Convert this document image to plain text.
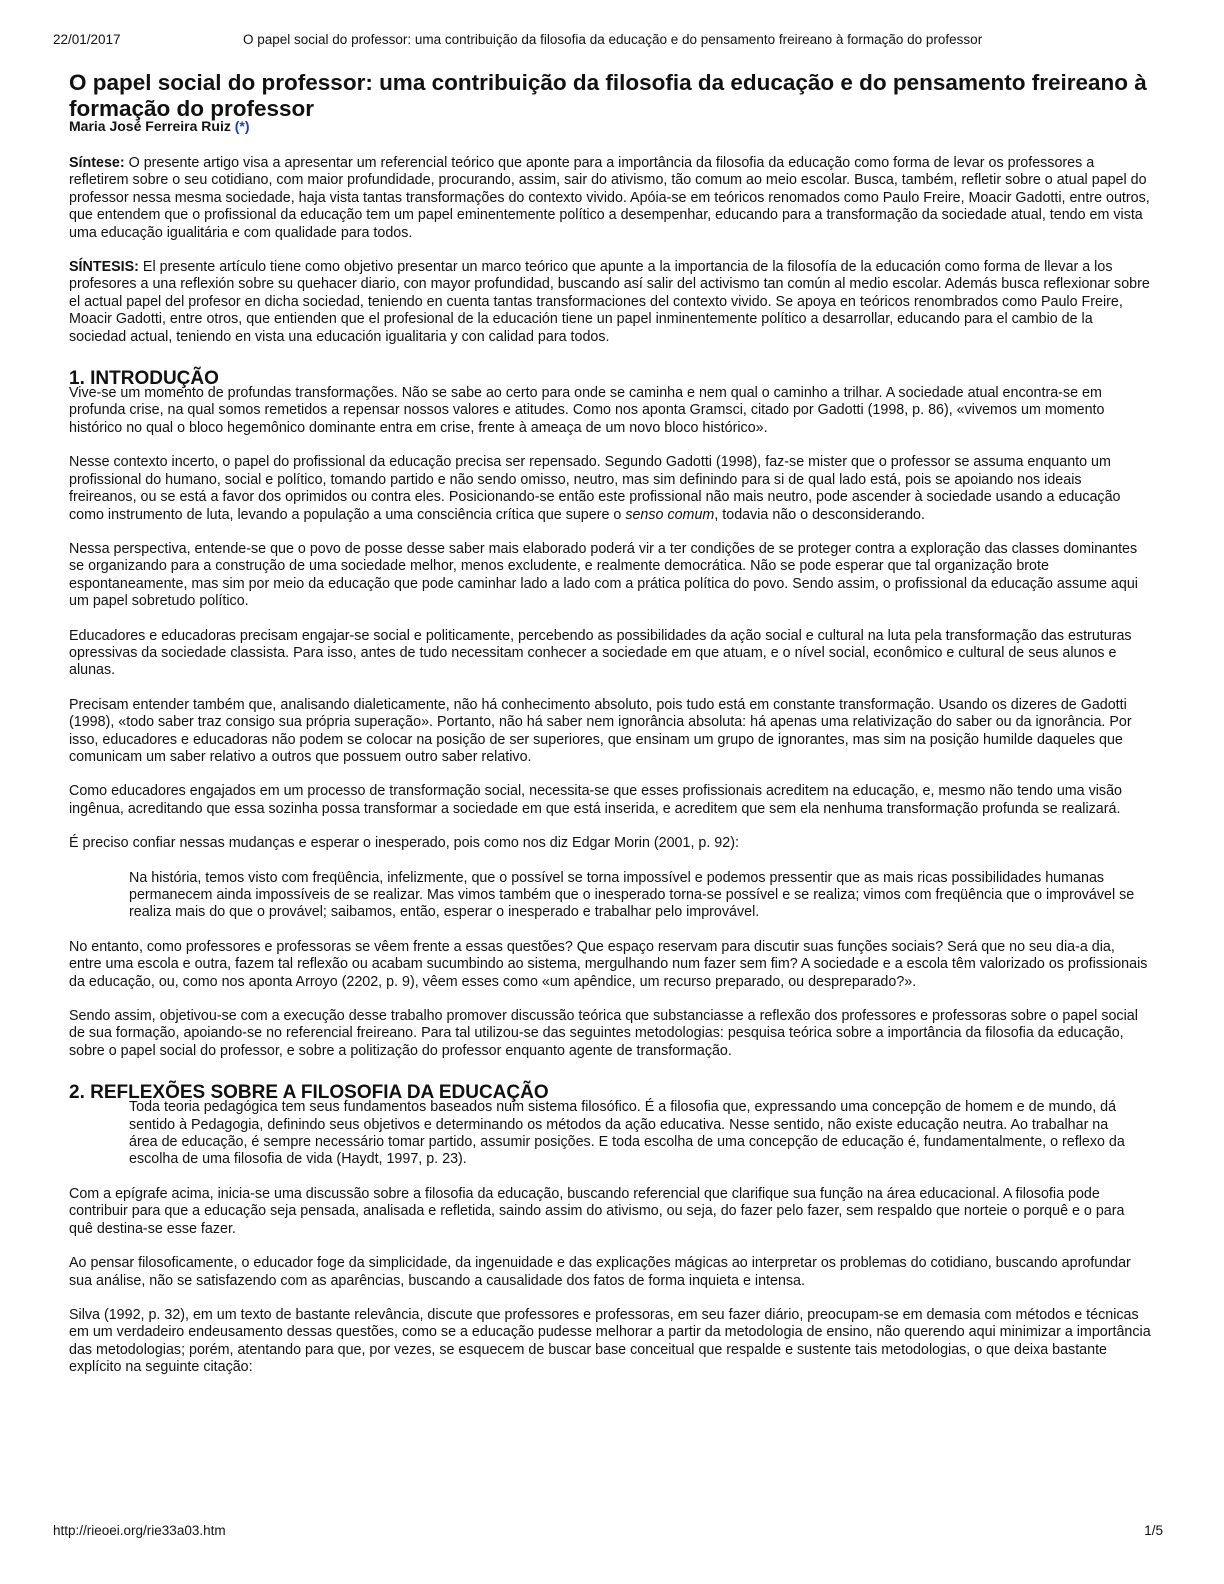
22/01/2017	O papel social do professor: uma contribuição da filosofia da educação e do pensamento freireano à formação do professor
O papel social do professor: uma contribuição da filosofia da educação e do pensamento freireano à formação do professor
Maria José Ferreira Ruiz (*)

Síntese: O presente artigo visa a apresentar um referencial teórico que aponte para a importância da filosofia da educação como forma de levar os professores a refletirem sobre o seu cotidiano, com maior profundidade, procurando, assim, sair do ativismo, tão comum ao meio escolar. Busca, também, refletir sobre o atual papel do professor nessa mesma sociedade, haja vista tantas transformações do contexto vivido. Apóia-se em teóricos renomados como Paulo Freire, Moacir Gadotti, entre outros, que entendem que o profissional da educação tem um papel eminentemente político a desempenhar, educando para a transformação da sociedade atual, tendo em vista uma educação igualitária e com qualidade para todos.

SÍNTESIS: El presente artículo tiene como objetivo presentar un marco teórico que apunte a la importancia de la filosofía de la educación como forma de llevar a los profesores a una reflexión sobre su quehacer diario, con mayor profundidad, buscando así salir del activismo tan común al medio escolar. Además busca reflexionar sobre el actual papel del profesor en dicha sociedad, teniendo en cuenta tantas transformaciones del contexto vivido. Se apoya en teóricos renombrados como Paulo Freire, Moacir Gadotti, entre otros, que entienden que el profesional de la educación tiene un papel inminentemente político a desarrollar, educando para el cambio de la sociedad actual, teniendo en vista una educación igualitaria y con calidad para todos.

1. INTRODUÇÃO

Vive-se um momento de profundas transformações. Não se sabe ao certo para onde se caminha e nem qual o caminho a trilhar. A sociedade atual encontra-se em profunda crise, na qual somos remetidos a repensar nossos valores e atitudes. Como nos aponta Gramsci, citado por Gadotti (1998, p. 86), «vivemos um momento histórico no qual o bloco hegemônico dominante entra em crise, frente à ameaça de um novo bloco histórico».

Nesse contexto incerto, o papel do profissional da educação precisa ser repensado. Segundo Gadotti (1998), faz-se mister que o professor se assuma enquanto um profissional do humano, social e político, tomando partido e não sendo omisso, neutro, mas sim definindo para si de qual lado está, pois se apoiando nos ideais freireanos, ou se está a favor dos oprimidos ou contra eles. Posicionando-se então este profissional não mais neutro, pode ascender à sociedade usando a educação como instrumento de luta, levando a população a uma consciência crítica que supere o senso comum, todavia não o desconsiderando.

Nessa perspectiva, entende-se que o povo de posse desse saber mais elaborado poderá vir a ter condições de se proteger contra a exploração das classes dominantes se organizando para a construção de uma sociedade melhor, menos excludente, e realmente democrática. Não se pode esperar que tal organização brote espontaneamente, mas sim por meio da educação que pode caminhar lado a lado com a prática política do povo. Sendo assim, o profissional da educação assume aqui um papel sobretudo político.

Educadores e educadoras precisam engajar-se social e politicamente, percebendo as possibilidades da ação social e cultural na luta pela transformação das estruturas opressivas da sociedade classista. Para isso, antes de tudo necessitam conhecer a sociedade em que atuam, e o nível social, econômico e cultural de seus alunos e alunas.

Precisam entender também que, analisando dialeticamente, não há conhecimento absoluto, pois tudo está em constante transformação. Usando os dizeres de Gadotti (1998), «todo saber traz consigo sua própria superação». Portanto, não há saber nem ignorância absoluta: há apenas uma relativização do saber ou da ignorância. Por isso, educadores e educadoras não podem se colocar na posição de ser superiores, que ensinam um grupo de ignorantes, mas sim na posição humilde daqueles que comunicam um saber relativo a outros que possuem outro saber relativo.

Como educadores engajados em um processo de transformação social, necessita-se que esses profissionais acreditem na educação, e, mesmo não tendo uma visão ingênua, acreditando que essa sozinha possa transformar a sociedade em que está inserida, e acreditem que sem ela nenhuma transformação profunda se realizará.

É preciso confiar nessas mudanças e esperar o inesperado, pois como nos diz Edgar Morin (2001, p. 92):

Na história, temos visto com freqüência, infelizmente, que o possível se torna impossível e podemos pressentir que as mais ricas possibilidades humanas permanecem ainda impossíveis de se realizar. Mas vimos também que o inesperado torna-se possível e se realiza; vimos com freqüência que o improvável se realiza mais do que o provável; saibamos, então, esperar o inesperado e trabalhar pelo improvável.

No entanto, como professores e professoras se vêem frente a essas questões? Que espaço reservam para discutir suas funções sociais? Será que no seu dia-a dia, entre uma escola e outra, fazem tal reflexão ou acabam sucumbindo ao sistema, mergulhando num fazer sem fim? A sociedade e a escola têm valorizado os profissionais da educação, ou, como nos aponta Arroyo (2202, p. 9), vêem esses como «um apêndice, um recurso preparado, ou despreparado?».

Sendo assim, objetivou-se com a execução desse trabalho promover discussão teórica que substanciasse a reflexão dos professores e professoras sobre o papel social de sua formação, apoiando-se no referencial freireano. Para tal utilizou-se das seguintes metodologias: pesquisa teórica sobre a importância da filosofia da educação, sobre o papel social do professor, e sobre a politização do professor enquanto agente de transformação.

2. REFLEXÕES SOBRE A FILOSOFIA DA EDUCAÇÃO
Toda teoria pedagógica tem seus fundamentos baseados num sistema filosófico. É a filosofia que, expressando uma concepção de homem e de mundo, dá sentido à Pedagogia, definindo seus objetivos e determinando os métodos da ação educativa. Nesse sentido, não existe educação neutra. Ao trabalhar na área de educação, é sempre necessário tomar partido, assumir posições. E toda escolha de uma concepção de educação é, fundamentalmente, o reflexo da escolha de uma filosofia de vida (Haydt, 1997, p. 23).

Com a epígrafe acima, inicia-se uma discussão sobre a filosofia da educação, buscando referencial que clarifique sua função na área educacional. A filosofia pode contribuir para que a educação seja pensada, analisada e refletida, saindo assim do ativismo, ou seja, do fazer pelo fazer, sem respaldo que norteie o porquê e o para quê destina-se esse fazer.

Ao pensar filosoficamente, o educador foge da simplicidade, da ingenuidade e das explicações mágicas ao interpretar os problemas do cotidiano, buscando aprofundar sua análise, não se satisfazendo com as aparências, buscando a causalidade dos fatos de forma inquieta e intensa.

Silva (1992, p. 32), em um texto de bastante relevância, discute que professores e professoras, em seu fazer diário, preocupam-se em demasia com métodos e técnicas em um verdadeiro endeusamento dessas questões, como se a educação pudesse melhorar a partir da metodologia de ensino, não querendo aqui minimizar a importância das metodologias; porém, atentando para que, por vezes, se esquecem de buscar base conceitual que respalde e sustente tais metodologias, o que deixa bastante explícito na seguinte citação:

http://rieoei.org/rie33a03.htm	1/5
